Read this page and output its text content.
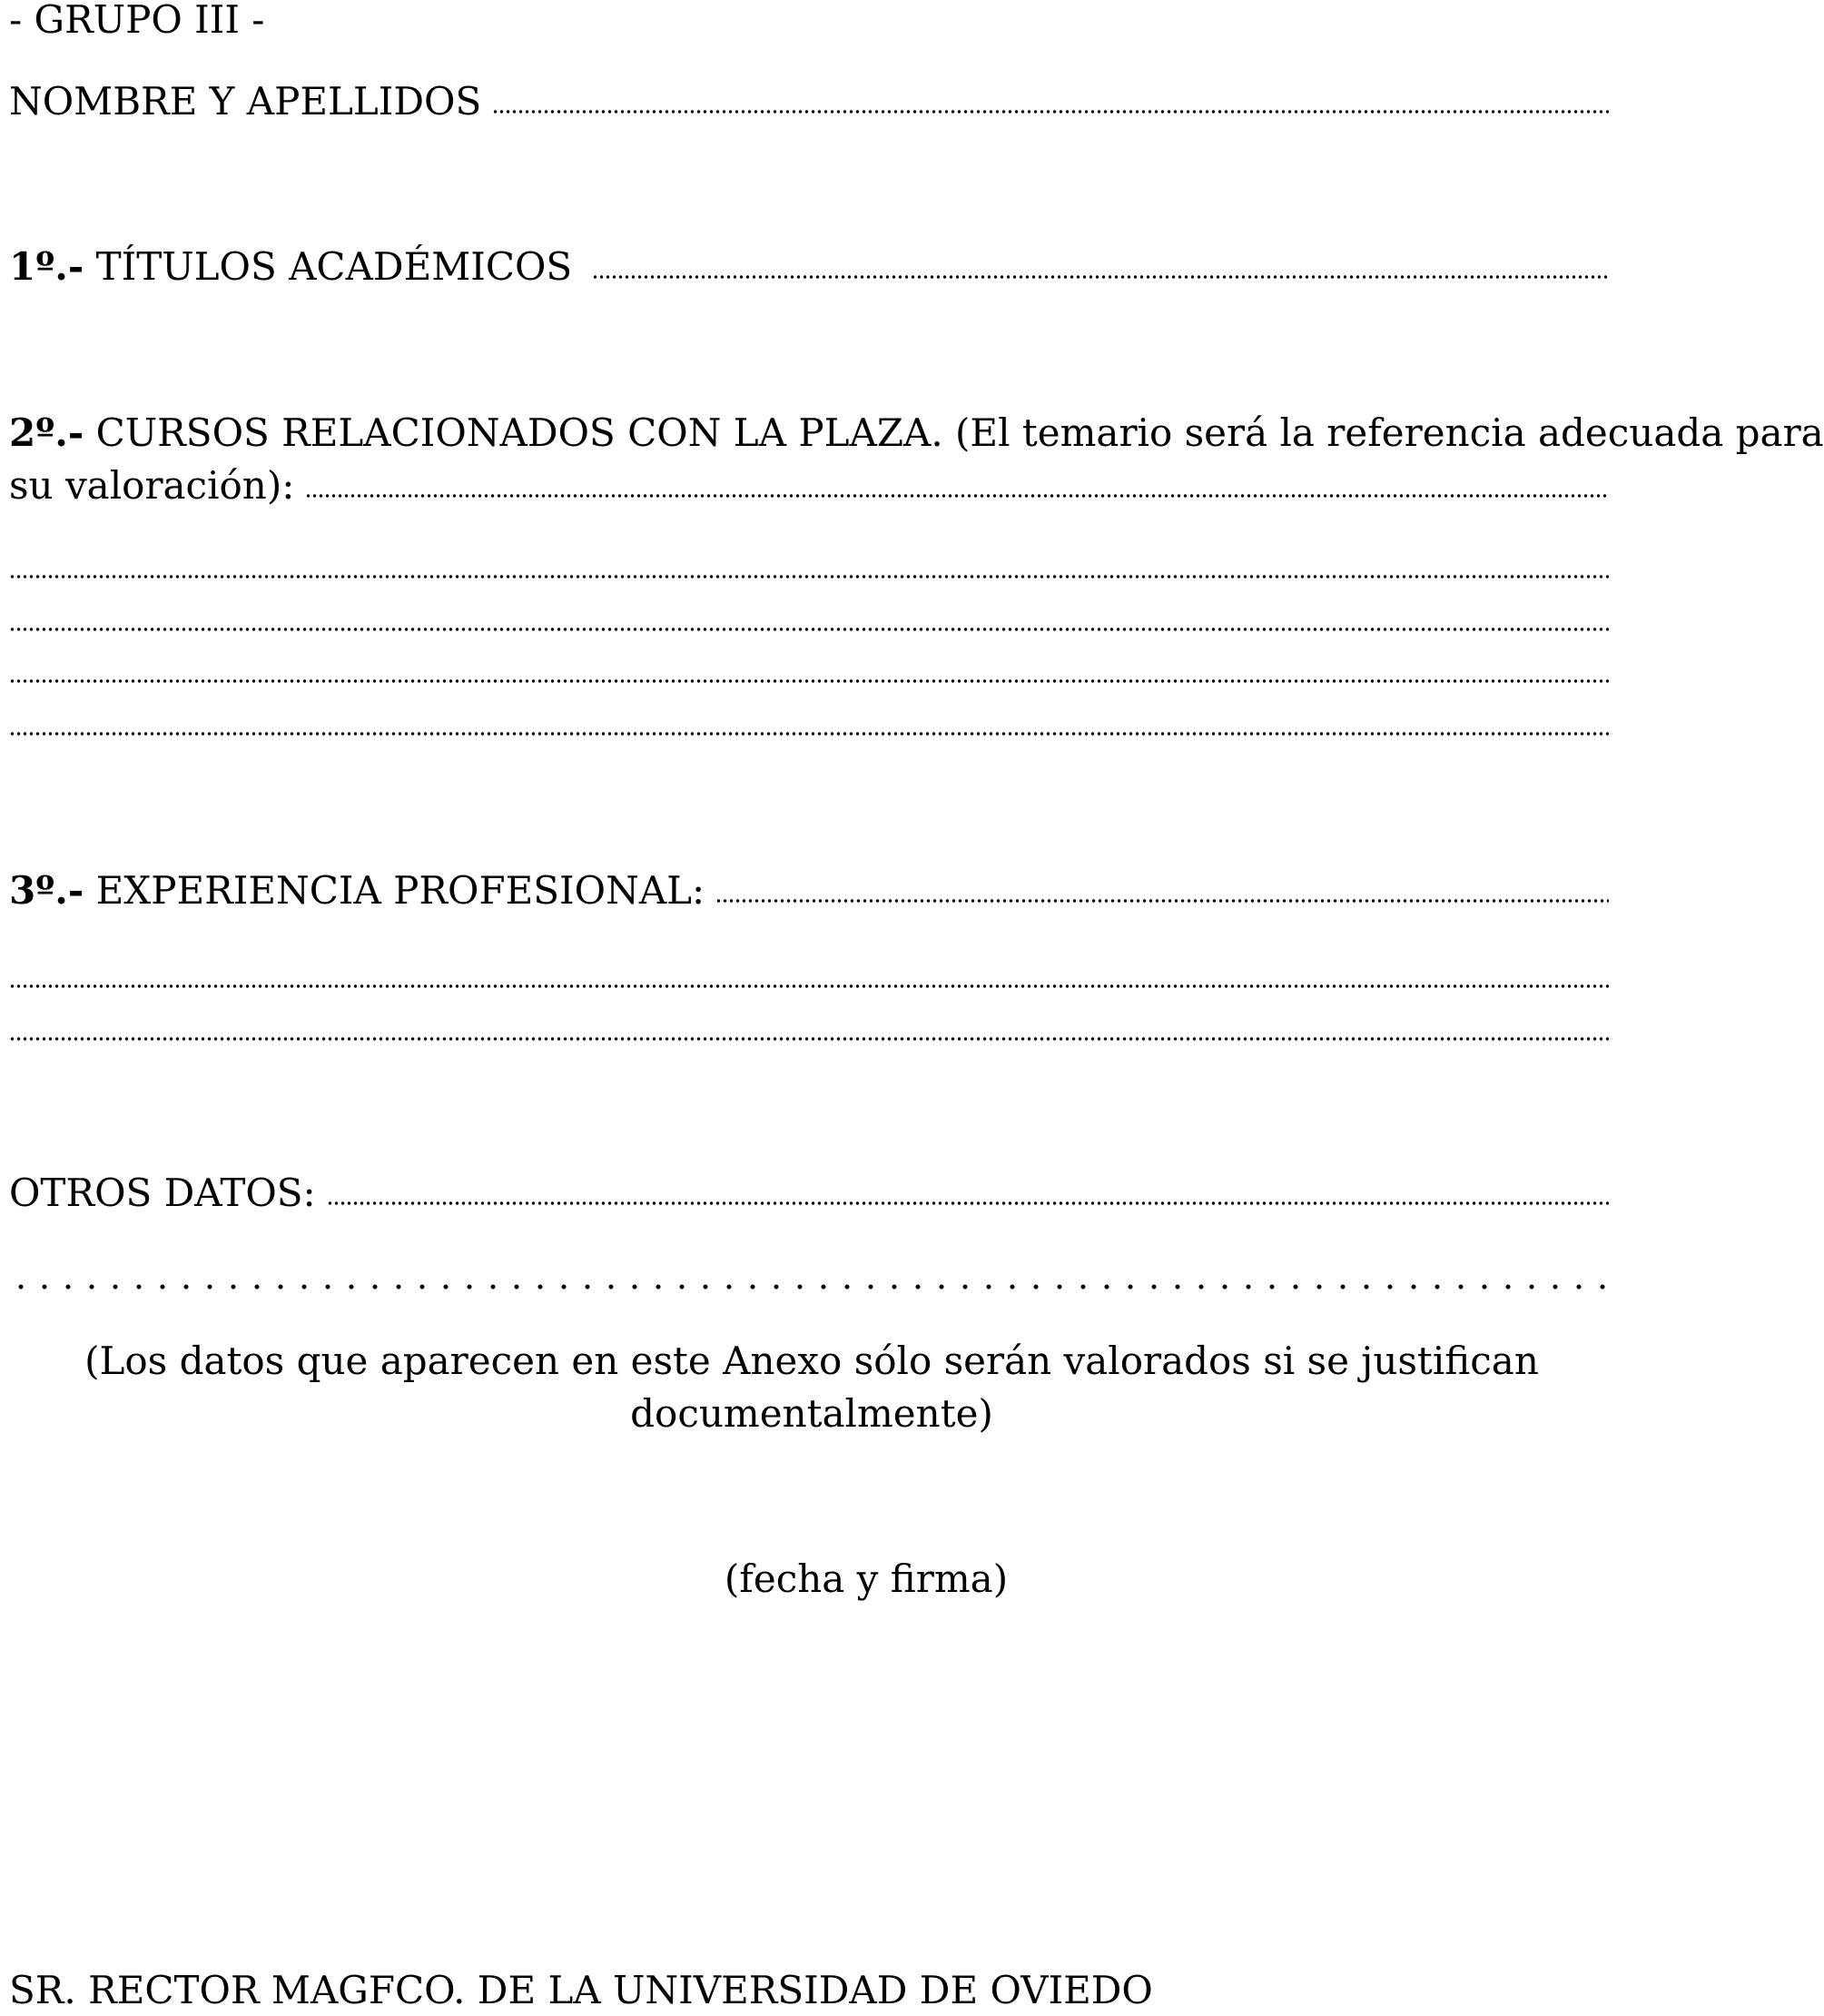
- GRUPO III -
NOMBRE Y APELLIDOS
1º.- TÍTULOS ACADÉMICOS
2º.- CURSOS RELACIONADOS CON LA PLAZA. (El temario será la referencia adecuada para
su valoración):
3º.- EXPERIENCIA PROFESIONAL:
OTROS DATOS:
(Los datos que aparecen en este Anexo sólo serán valorados si se justifican
documentalmente)
(fecha y firma)
SR. RECTOR MAGFCO. DE LA UNIVERSIDAD DE OVIEDO
